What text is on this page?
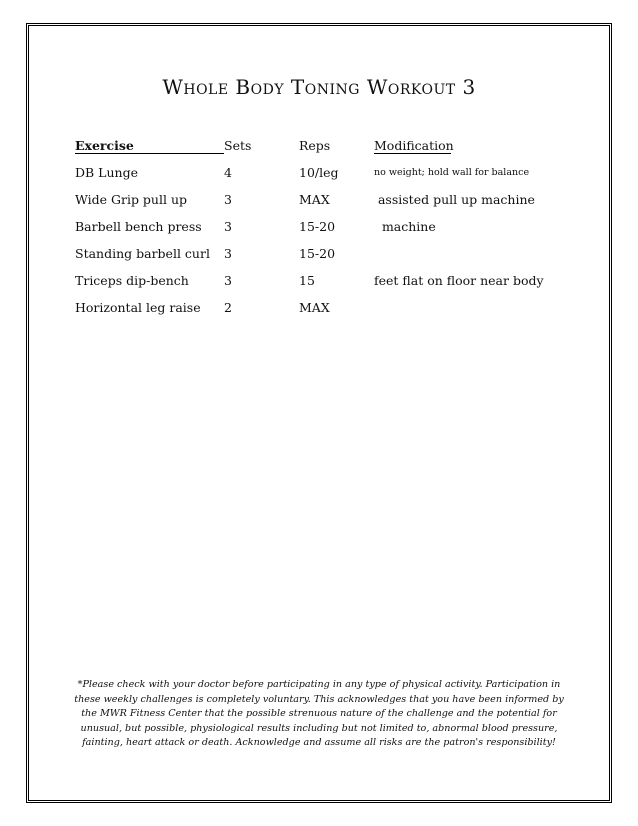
Whole Body Toning Workout 3
Exercise	Sets	Reps	Modification
DB Lunge	4	10/leg	no weight; hold wall for balance
Wide Grip pull up	3	MAX	assisted pull up machine
Barbell bench press 3	15-20	machine
Standing barbell curl 3	15-20
Triceps dip-bench	3	15	feet flat on floor near body
Horizontal leg raise 2	MAX
*Please check with your doctor before participating in any type of physical activity. Participation in these weekly challenges is completely voluntary. This acknowledges that you have been informed by the MWR Fitness Center that the possible strenuous nature of the challenge and the potential for unusual, but possible, physiological results including but not limited to, abnormal blood pressure, fainting, heart attack or death. Acknowledge and assume all risks are the patron's responsibility!
